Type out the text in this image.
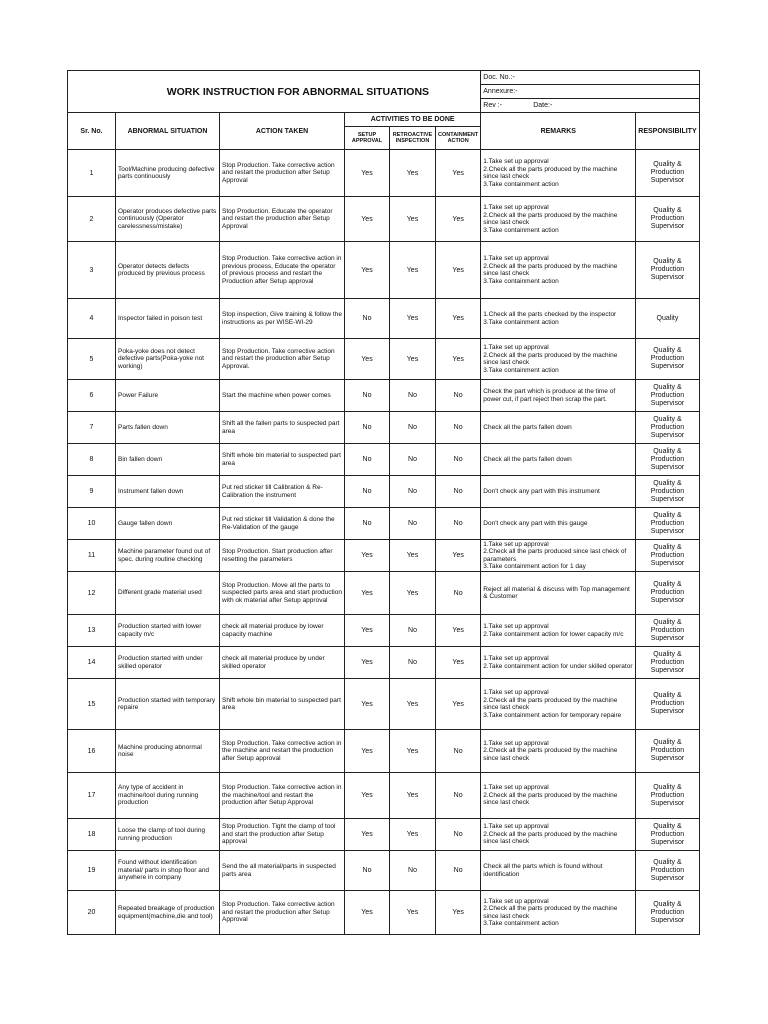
	WORK INSTRUCTION FOR ABNORMAL SITUATIONS					Doc. No.:-	
						Annexure:-	
						Rev :- Date:-	
Sr. No.	ABNORMAL SITUATION	ACTION TAKEN	ACTIVITIES TO BE DONE			REMARKS	RESPONSIBILITY
			SETUP APPROVAL	RETROACTIVE INSPECTION	CONTAINMENT ACTION		
1	Tool/Machine producing defective parts continuously	Stop Production. Take corrective action and restart the production after Setup Approval	Yes	Yes	Yes	1.Take set up approval
2.Check all the parts produced by the machine since last check
3.Take containment action	Quality &
Production
Supervisor

2	Operator produces defective parts continuously (Operator carelessness/mistake)	Stop Production. Educate the operator and restart the production after Setup Approval	Yes	Yes	Yes	1.Take set up approval
2.Check all the parts produced by the machine since last check
3.Take containment action	Quality &
Production
Supervisor

3	Operator detects defects produced by previous process	Stop Production. Take corrective action in previous process, Educate the operator of previous process and restart the Production after Setup approval	Yes	Yes	Yes	1.Take set up approval
2.Check all the parts produced by the machine since last check
3.Take containment action	Quality &
Production
Supervisor

4	Inspector failed in poison test	Stop inspection, Give training & follow the instructions as per WISE-WI-29	No	Yes	Yes	1.Check all the parts checked by the inspector
3.Take containment action	Quality

5	Poka-yoke does not detect defective parts(Poka-yoke not working)	Stop Production. Take corrective action and restart the production after Setup Approval.	Yes	Yes	Yes	1.Take set up approval
2.Check all the parts produced by the machine since last check
3.Take containment action	Quality &
Production
Supervisor

6	Power Failure	Start the machine when power comes	No	No	No	Check the part which is produce at the time of power cut, if part reject then scrap the part.	Quality &
Production
Supervisor

7	Parts fallen down	Shift all the fallen parts to suspected part area	No	No	No	Check all the parts fallen down	Quality &
Production
Supervisor

8	Bin fallen down	Shift whole bin material to suspected part area	No	No	No	Check all the parts fallen down	Quality &
Production
Supervisor

9	Instrument fallen down	Put red sticker till Calibration & Re-Calibration the instrument	No	No	No	Don't check any part with this instrument	Quality &
Production
Supervisor

10	Gauge fallen down	Put red sticker till Validation & done the Re-Validation of the gauge	No	No	No	Don't check any part with this gauge	Quality &
Production
Supervisor

11	Machine parameter found out of spec. during routine checking	Stop Production. Start production after resetting the parameters	Yes	Yes	Yes	1.Take set up approval
2.Check all the parts produced since last check of parameters
3.Take containment action for 1 day	Quality &
Production
Supervisor

12	Different grade material used	Stop Production. Move all the parts to suspected parts area and start production with ok material after Setup approval	Yes	Yes	No	Reject all material & discuss with Top management & Customer	Quality &
Production
Supervisor

13	Production started with lower capacity m/c	check all material produce by lower capacity machine	Yes	No	Yes	1.Take set up approval
2.Take containment action for lower capacity m/c	Quality &
Production
Supervisor

14	Production started with under skilled operator	check all material produce by under skilled operator	Yes	No	Yes	1.Take set up approval
2.Take containment action for under skilled operator	Quality &
Production
Supervisor

15	Production started with temporary repaire	Shift whole bin material to suspected part area	Yes	Yes	Yes	1.Take set up approval
2.Check all the parts produced by the machine since last check
3.Take containment action for temporary repaire	Quality &
Production
Supervisor

16	Machine producing abnormal noise	Stop Production. Take corrective action in the machine and restart the production after Setup approval	Yes	Yes	No	1.Take set up approval
2.Check all the parts produced by the machine since last check	Quality &
Production
Supervisor

17	Any type of accident in machine/tool during running production	Stop Production. Take corrective action in the machine/tool and restart the production after Setup Approval	Yes	Yes	No	1.Take set up approval
2.Check all the parts produced by the machine since last check	Quality &
Production
Supervisor

18	Loose the clamp of tool during running production	Stop Production. Tight the clamp of tool and start the production after Setup approval	Yes	Yes	No	1.Take set up approval
2.Check all the parts produced by the machine since last check	Quality &
Production
Supervisor

19	Found without identification material/ parts in shop floor and anywhere in company	Send the all material/parts in suspected parts area	No	No	No	Check all the parts which is found without identification	Quality &
Production
Supervisor

20	Repeated breakage of production equipment(machine,die and tool)	Stop Production. Take corrective action and restart the production after Setup Approval	Yes	Yes	Yes	1.Take set up approval
2.Check all the parts produced by the machine since last check
3.Take containment action	Quality &
Production
Supervisor
